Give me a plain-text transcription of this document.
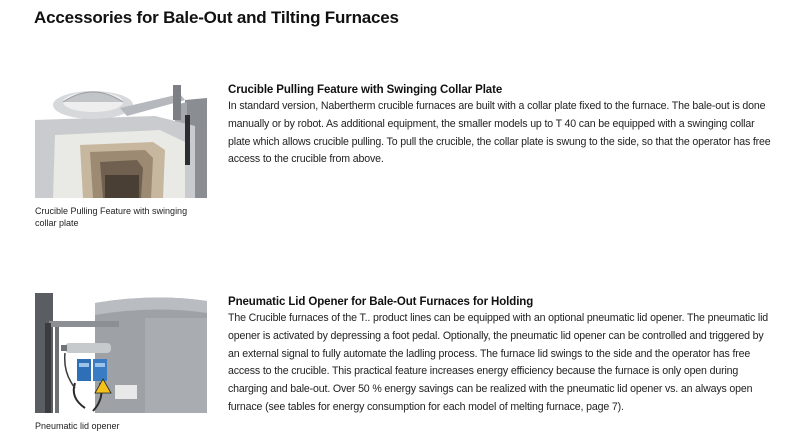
Accessories for Bale-Out and Tilting Furnaces
Crucible Pulling Feature with swinging collar plate
Crucible Pulling Feature with Swinging Collar Plate
In standard version, Nabertherm crucible furnaces are built with a collar plate fixed to the furnace. The bale-out is done manually or by robot. As additional equipment, the smaller models up to T 40 can be equipped with a swinging collar plate which allows crucible pulling. To pull the crucible, the collar plate is swung to the side, so that the operator has free access to the crucible from above.
Pneumatic lid opener
Pneumatic Lid Opener for Bale-Out Furnaces for Holding
The Crucible furnaces of the T.. product lines can be equipped with an optional pneumatic lid opener. The pneumatic lid opener is activated by depressing a foot pedal. Optionally, the pneumatic lid opener can be controlled and triggered by an external signal to fully automate the ladling process. The furnace lid swings to the side and the operator has free access to the crucible. This practical feature increases energy efficiency because the furnace is only open during charging and bale-out. Over 50 % energy savings can be realized with the pneumatic lid opener vs. an always open furnace (see tables for energy consumption for each model of melting furnace, page 7).
